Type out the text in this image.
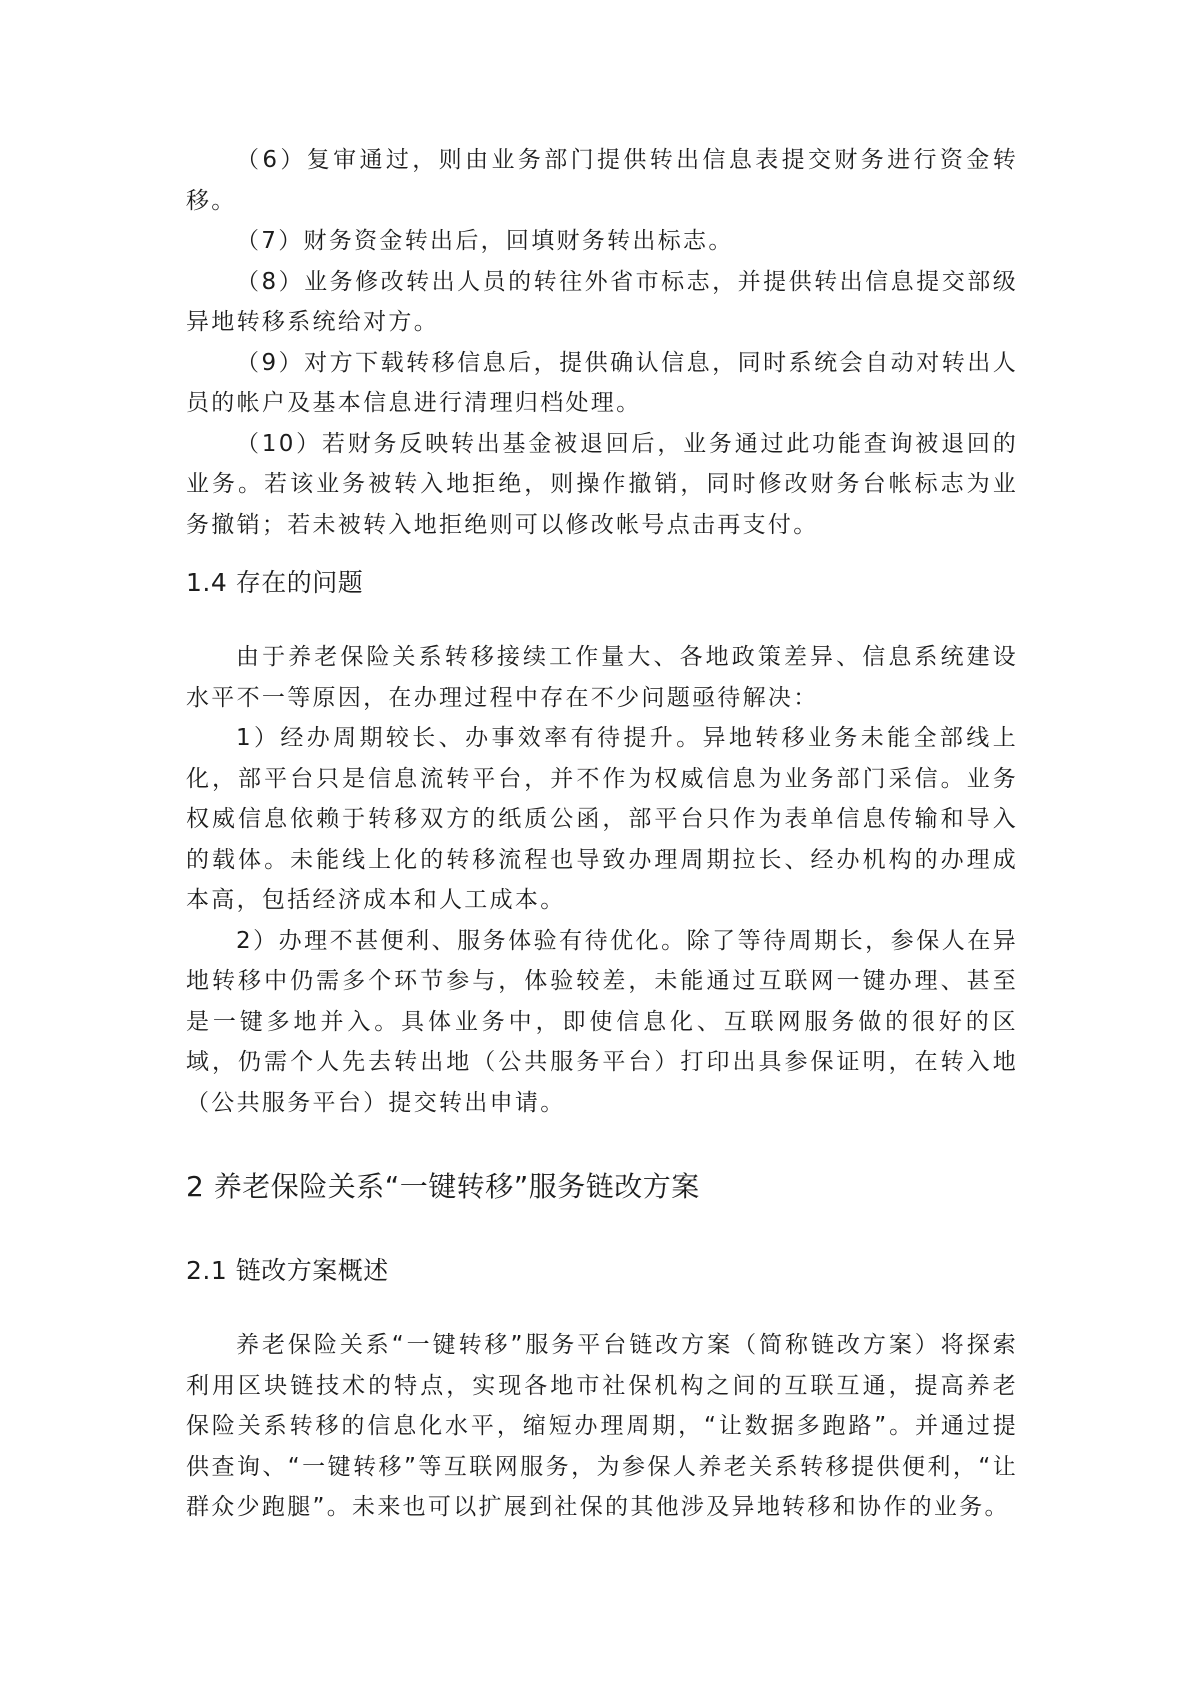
（6）复审通过，则由业务部门提供转出信息表提交财务进行资金转移。

（7）财务资金转出后，回填财务转出标志。

（8）业务修改转出人员的转往外省市标志，并提供转出信息提交部级异地转移系统给对方。

（9）对方下载转移信息后，提供确认信息，同时系统会自动对转出人员的帐户及基本信息进行清理归档处理。

（10）若财务反映转出基金被退回后，业务通过此功能查询被退回的业务。若该业务被转入地拒绝，则操作撤销，同时修改财务台帐标志为业务撤销；若未被转入地拒绝则可以修改帐号点击再支付。

1.4 存在的问题

由于养老保险关系转移接续工作量大、各地政策差异、信息系统建设水平不一等原因，在办理过程中存在不少问题亟待解决：

1）经办周期较长、办事效率有待提升。异地转移业务未能全部线上化，部平台只是信息流转平台，并不作为权威信息为业务部门采信。业务权威信息依赖于转移双方的纸质公函，部平台只作为表单信息传输和导入的载体。未能线上化的转移流程也导致办理周期拉长、经办机构的办理成本高，包括经济成本和人工成本。

2）办理不甚便利、服务体验有待优化。除了等待周期长，参保人在异地转移中仍需多个环节参与，体验较差，未能通过互联网一键办理、甚至是一键多地并入。具体业务中，即使信息化、互联网服务做的很好的区域，仍需个人先去转出地（公共服务平台）打印出具参保证明，在转入地（公共服务平台）提交转出申请。

2 养老保险关系“一键转移”服务链改方案
2.1 链改方案概述

养老保险关系“一键转移”服务平台链改方案（简称链改方案）将探索利用区块链技术的特点，实现各地市社保机构之间的互联互通，提高养老保险关系转移的信息化水平，缩短办理周期，“让数据多跑路”。并通过提供查询、“一键转移”等互联网服务，为参保人养老关系转移提供便利，“让群众少跑腿”。未来也可以扩展到社保的其他涉及异地转移和协作的业务。
